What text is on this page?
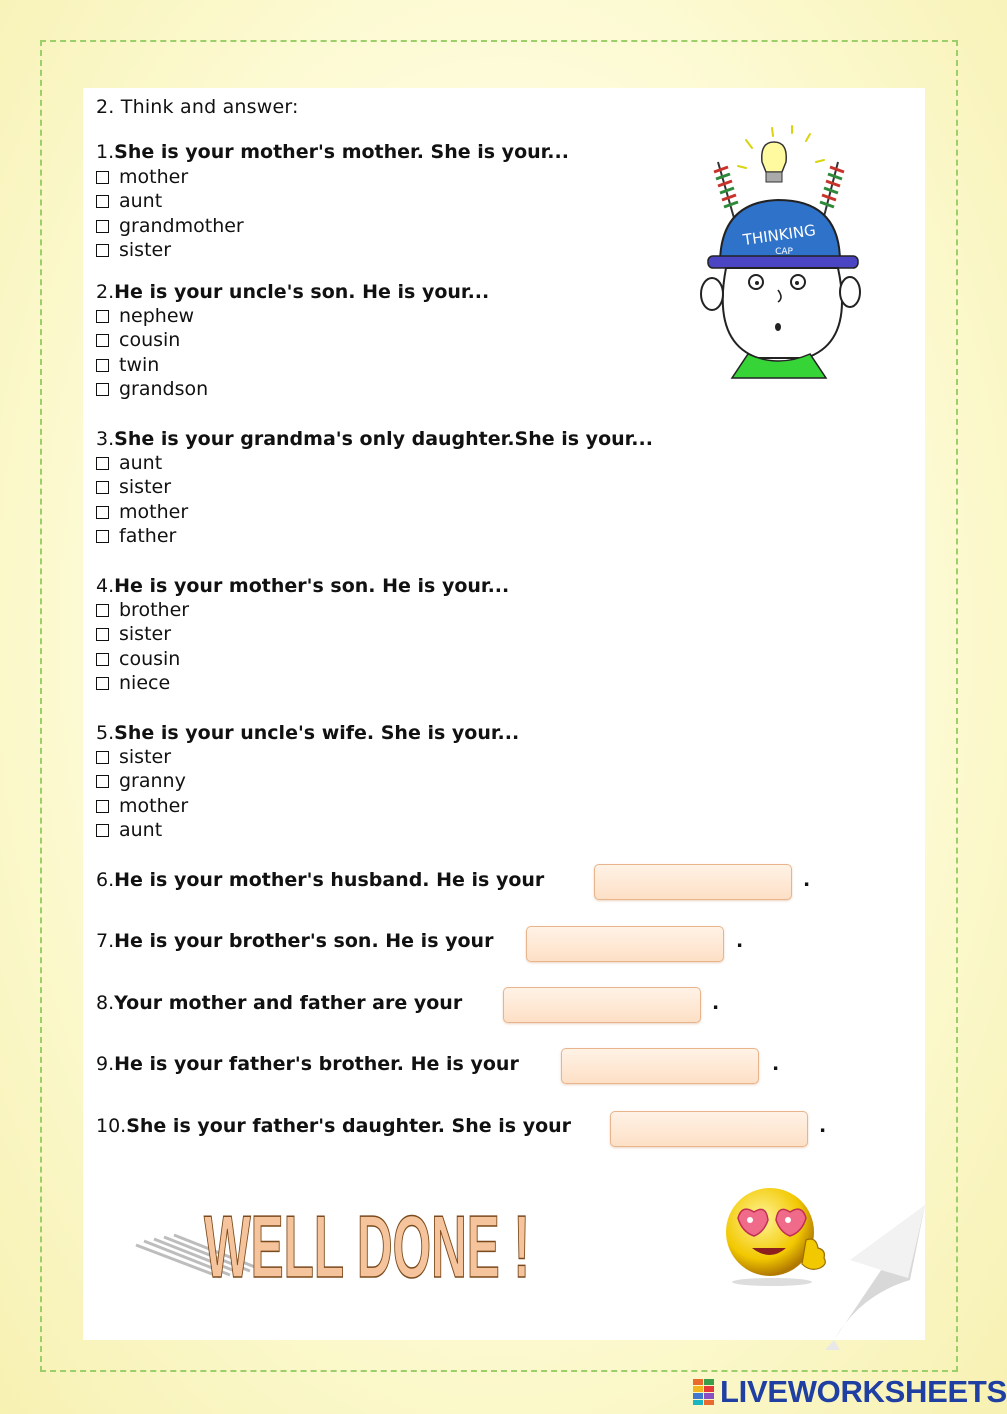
2. Think and answer:
1.She is your mother's mother. She is your...
mother
aunt
grandmother
sister
2.He is your uncle's son. He is your...
nephew
cousin
twin
grandson
3.She is your grandma's only daughter.She is your...
aunt
sister
mother
father
4.He is your mother's son. He is your...
brother
sister
cousin
niece
5.She is your uncle's wife. She is your...
sister
granny
mother
aunt
6.He is your mother's husband. He is your	.
7.He is your brother's son. He is your	.
8.Your mother and father are your	.
9.He is your father's brother. He is your	.
10.She is your father's daughter. She is your	.
THINKING
CAP
WELL DONE !
LIVEWORKSHEETS
